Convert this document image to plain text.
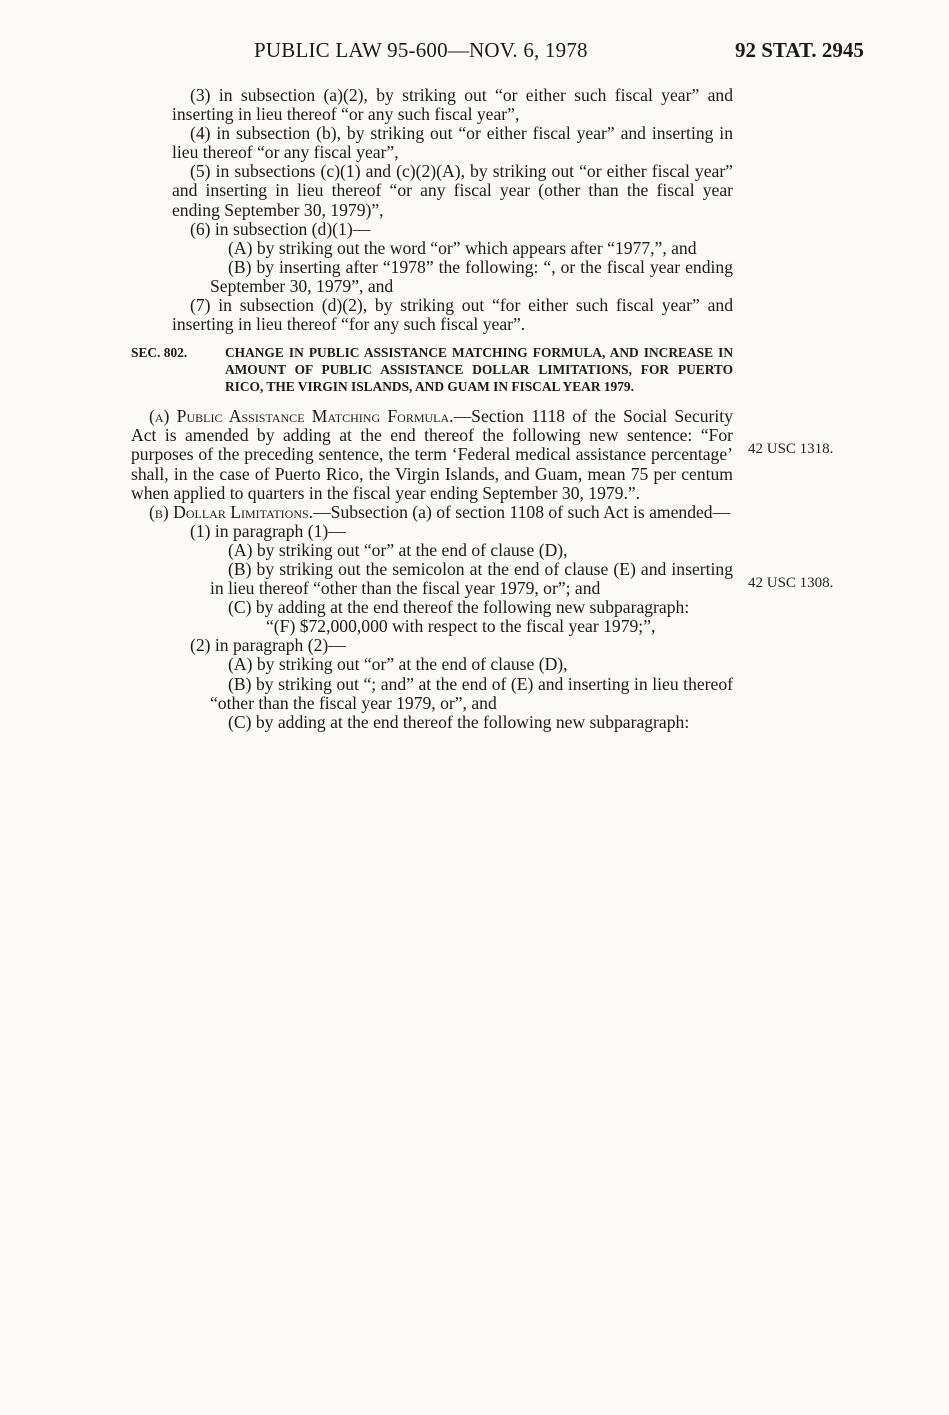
PUBLIC LAW 95-600—NOV. 6, 1978	92 STAT. 2945

(3) in subsection (a)(2), by striking out “or either such fiscal year” and inserting in lieu thereof “or any such fiscal year”,

(4) in subsection (b), by striking out “or either fiscal year” and inserting in lieu thereof “or any fiscal year”,

(5) in subsections (c)(1) and (c)(2)(A), by striking out “or either fiscal year” and inserting in lieu thereof “or any fiscal year (other than the fiscal year ending September 30, 1979)”,

(6) in subsection (d)(1)—

(A) by striking out the word “or” which appears after “1977,”, and

(B) by inserting after “1978” the following: “, or the fiscal year ending September 30, 1979”, and

(7) in subsection (d)(2), by striking out “for either such fiscal year” and inserting in lieu thereof “for any such fiscal year”.

SEC. 802.	CHANGE IN PUBLIC ASSISTANCE MATCHING FORMULA, AND INCREASE IN AMOUNT OF PUBLIC ASSISTANCE DOLLAR LIMITATIONS, FOR PUERTO RICO, THE VIRGIN ISLANDS, AND GUAM IN FISCAL YEAR 1979.

(a) Public Assistance Matching Formula.—Section 1118 of the Social Security Act is amended by adding at the end thereof the following new sentence: “For purposes of the preceding sentence, the term ‘Federal medical assistance percentage’ shall, in the case of Puerto Rico, the Virgin Islands, and Guam, mean 75 per centum when applied to quarters in the fiscal year ending September 30, 1979.”.

(b) Dollar Limitations.—Subsection (a) of section 1108 of such Act is amended—

(1) in paragraph (1)—

(A) by striking out “or” at the end of clause (D),

(B) by striking out the semicolon at the end of clause (E) and inserting in lieu thereof “other than the fiscal year 1979, or”; and

(C) by adding at the end thereof the following new subparagraph:

“(F) $72,000,000 with respect to the fiscal year 1979;”,

(2) in paragraph (2)—

(A) by striking out “or” at the end of clause (D),

(B) by striking out “; and” at the end of (E) and inserting in lieu thereof “other than the fiscal year 1979, or”, and

(C) by adding at the end thereof the following new subparagraph:

42 USC 1318.
42 USC 1308.
